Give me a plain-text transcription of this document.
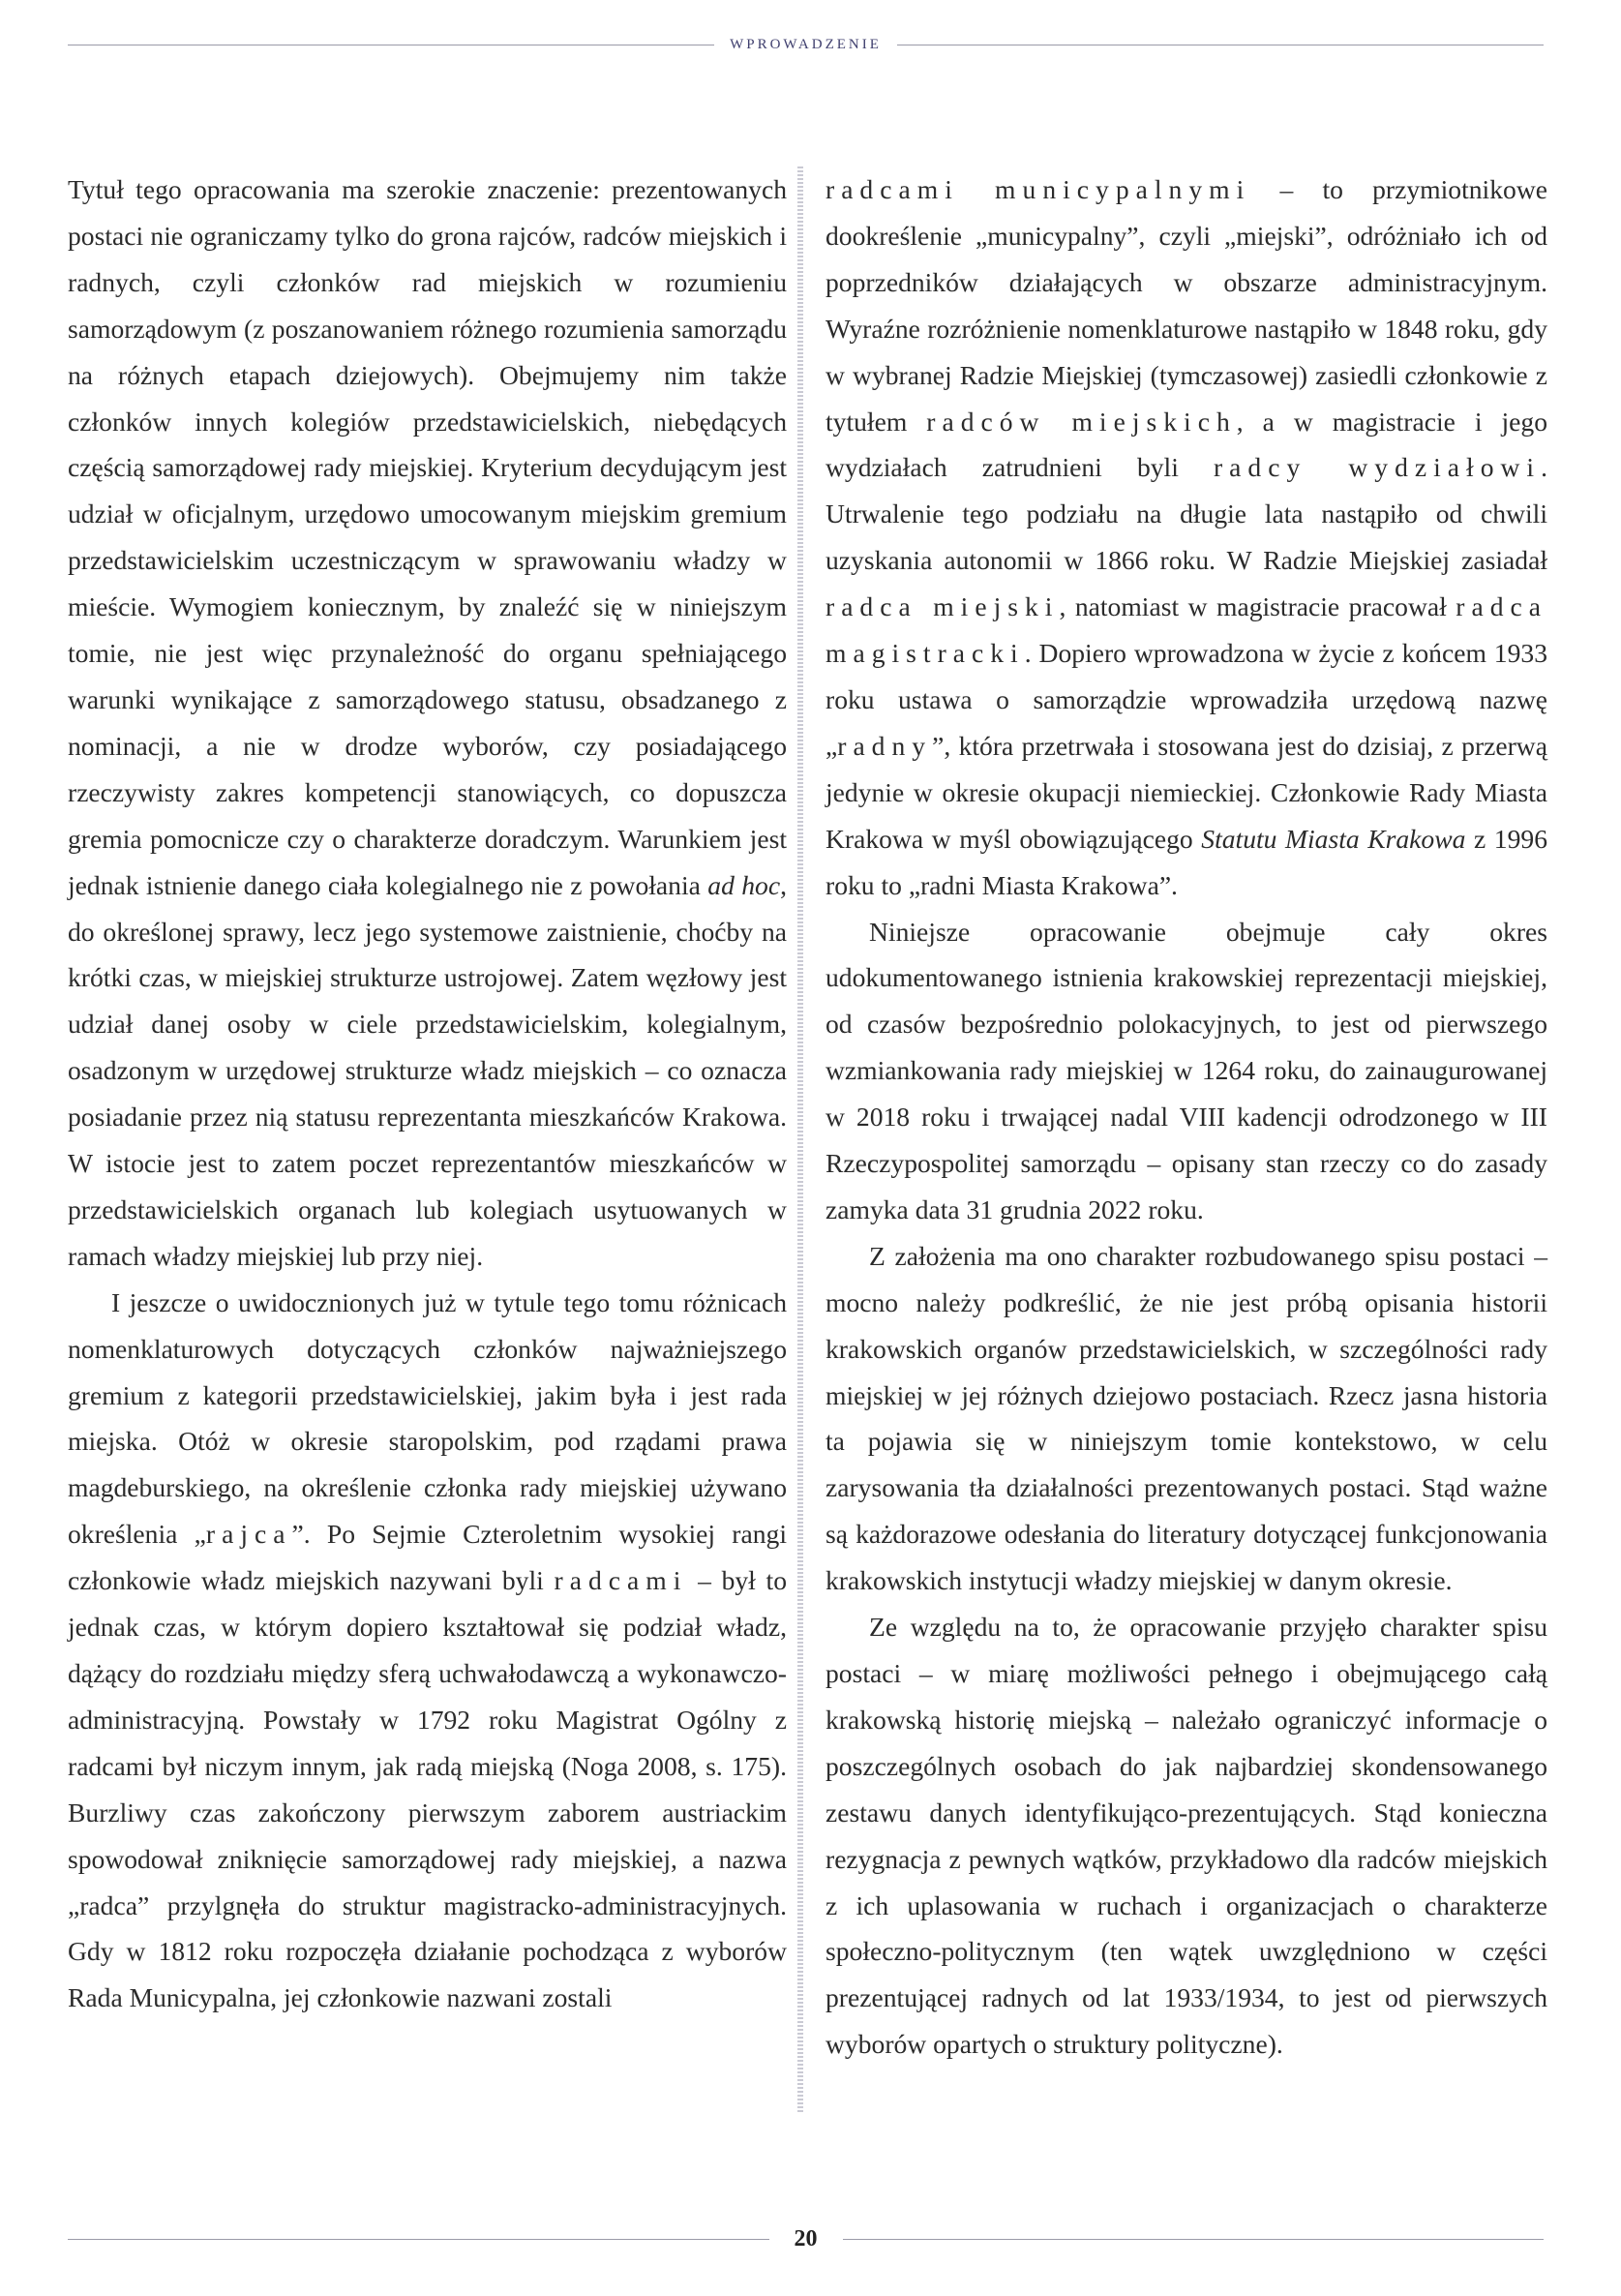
WPROWADZENIE

Tytuł tego opracowania ma szerokie znaczenie: prezentowanych postaci nie ograniczamy tylko do grona rajców, radców miejskich i radnych, czyli członków rad miejskich w rozumieniu samorządowym (z poszanowaniem różnego rozumienia samorządu na różnych etapach dziejowych). Obejmujemy nim także członków innych kolegiów przedstawicielskich, niebędących częścią samorządowej rady miejskiej. Kryterium decydującym jest udział w oficjalnym, urzędowo umocowanym miejskim gremium przedstawicielskim uczestniczącym w sprawowaniu władzy w mieście. Wymogiem koniecznym, by znaleźć się w niniejszym tomie, nie jest więc przynależność do organu spełniającego warunki wynikające z samorządowego statusu, obsadzanego z nominacji, a nie w drodze wyborów, czy posiadającego rzeczywisty zakres kompetencji stanowiących, co dopuszcza gremia pomocnicze czy o charakterze doradczym. Warunkiem jest jednak istnienie danego ciała kolegialnego nie z powołania ad hoc, do określonej sprawy, lecz jego systemowe zaistnienie, choćby na krótki czas, w miejskiej strukturze ustrojowej. Zatem węzłowy jest udział danej osoby w ciele przedstawicielskim, kolegialnym, osadzonym w urzędowej strukturze władz miejskich – co oznacza posiadanie przez nią statusu reprezentanta mieszkańców Krakowa. W istocie jest to zatem poczet reprezentantów mieszkańców w przedstawicielskich organach lub kolegiach usytuowanych w ramach władzy miejskiej lub przy niej.

I jeszcze o uwidocznionych już w tytule tego tomu różnicach nomenklaturowych dotyczących członków najważniejszego gremium z kategorii przedstawicielskiej, jakim była i jest rada miejska. Otóż w okresie staropolskim, pod rządami prawa magdeburskiego, na określenie członka rady miejskiej używano określenia „rajca”. Po Sejmie Czteroletnim wysokiej rangi członkowie władz miejskich nazywani byli radcami – był to jednak czas, w którym dopiero kształtował się podział władz, dążący do rozdziału między sferą uchwałodawczą a wykonawczo-administracyjną. Powstały w 1792 roku Magistrat Ogólny z radcami był niczym innym, jak radą miejską (Noga 2008, s. 175). Burzliwy czas zakończony pierwszym zaborem austriackim spowodował zniknięcie samorządowej rady miejskiej, a nazwa „radca” przylgnęła do struktur magistracko-administracyjnych. Gdy w 1812 roku rozpoczęła działanie pochodząca z wyborów Rada Municypalna, jej członkowie nazwani zostali

radcami municypalnymi – to przymiotnikowe dookreślenie „municypalny”, czyli „miejski”, odróżniało ich od poprzedników działających w obszarze administracyjnym. Wyraźne rozróżnienie nomenklaturowe nastąpiło w 1848 roku, gdy w wybranej Radzie Miejskiej (tymczasowej) zasiedli członkowie z tytułem radców miejskich, a w magistracie i jego wydziałach zatrudnieni byli radcy wydziałowi. Utrwalenie tego podziału na długie lata nastąpiło od chwili uzyskania autonomii w 1866 roku. W Radzie Miejskiej zasiadał radca miejski, natomiast w magistracie pracował radca magistracki. Dopiero wprowadzona w życie z końcem 1933 roku ustawa o samorządzie wprowadziła urzędową nazwę „radny”, która przetrwała i stosowana jest do dzisiaj, z przerwą jedynie w okresie okupacji niemieckiej. Członkowie Rady Miasta Krakowa w myśl obowiązującego Statutu Miasta Krakowa z 1996 roku to „radni Miasta Krakowa”.

Niniejsze opracowanie obejmuje cały okres udokumentowanego istnienia krakowskiej reprezentacji miejskiej, od czasów bezpośrednio polokacyjnych, to jest od pierwszego wzmiankowania rady miejskiej w 1264 roku, do zainaugurowanej w 2018 roku i trwającej nadal VIII kadencji odrodzonego w III Rzeczypospolitej samorządu – opisany stan rzeczy co do zasady zamyka data 31 grudnia 2022 roku.

Z założenia ma ono charakter rozbudowanego spisu postaci – mocno należy podkreślić, że nie jest próbą opisania historii krakowskich organów przedstawicielskich, w szczególności rady miejskiej w jej różnych dziejowo postaciach. Rzecz jasna historia ta pojawia się w niniejszym tomie kontekstowo, w celu zarysowania tła działalności prezentowanych postaci. Stąd ważne są każdorazowe odesłania do literatury dotyczącej funkcjonowania krakowskich instytucji władzy miejskiej w danym okresie.

Ze względu na to, że opracowanie przyjęło charakter spisu postaci – w miarę możliwości pełnego i obejmującego całą krakowską historię miejską – należało ograniczyć informacje o poszczególnych osobach do jak najbardziej skondensowanego zestawu danych identyfikująco-prezentujących. Stąd konieczna rezygnacja z pewnych wątków, przykładowo dla radców miejskich z ich uplasowania w ruchach i organizacjach o charakterze społeczno-politycznym (ten wątek uwzględniono w części prezentującej radnych od lat 1933/1934, to jest od pierwszych wyborów opartych o struktury polityczne).

20
